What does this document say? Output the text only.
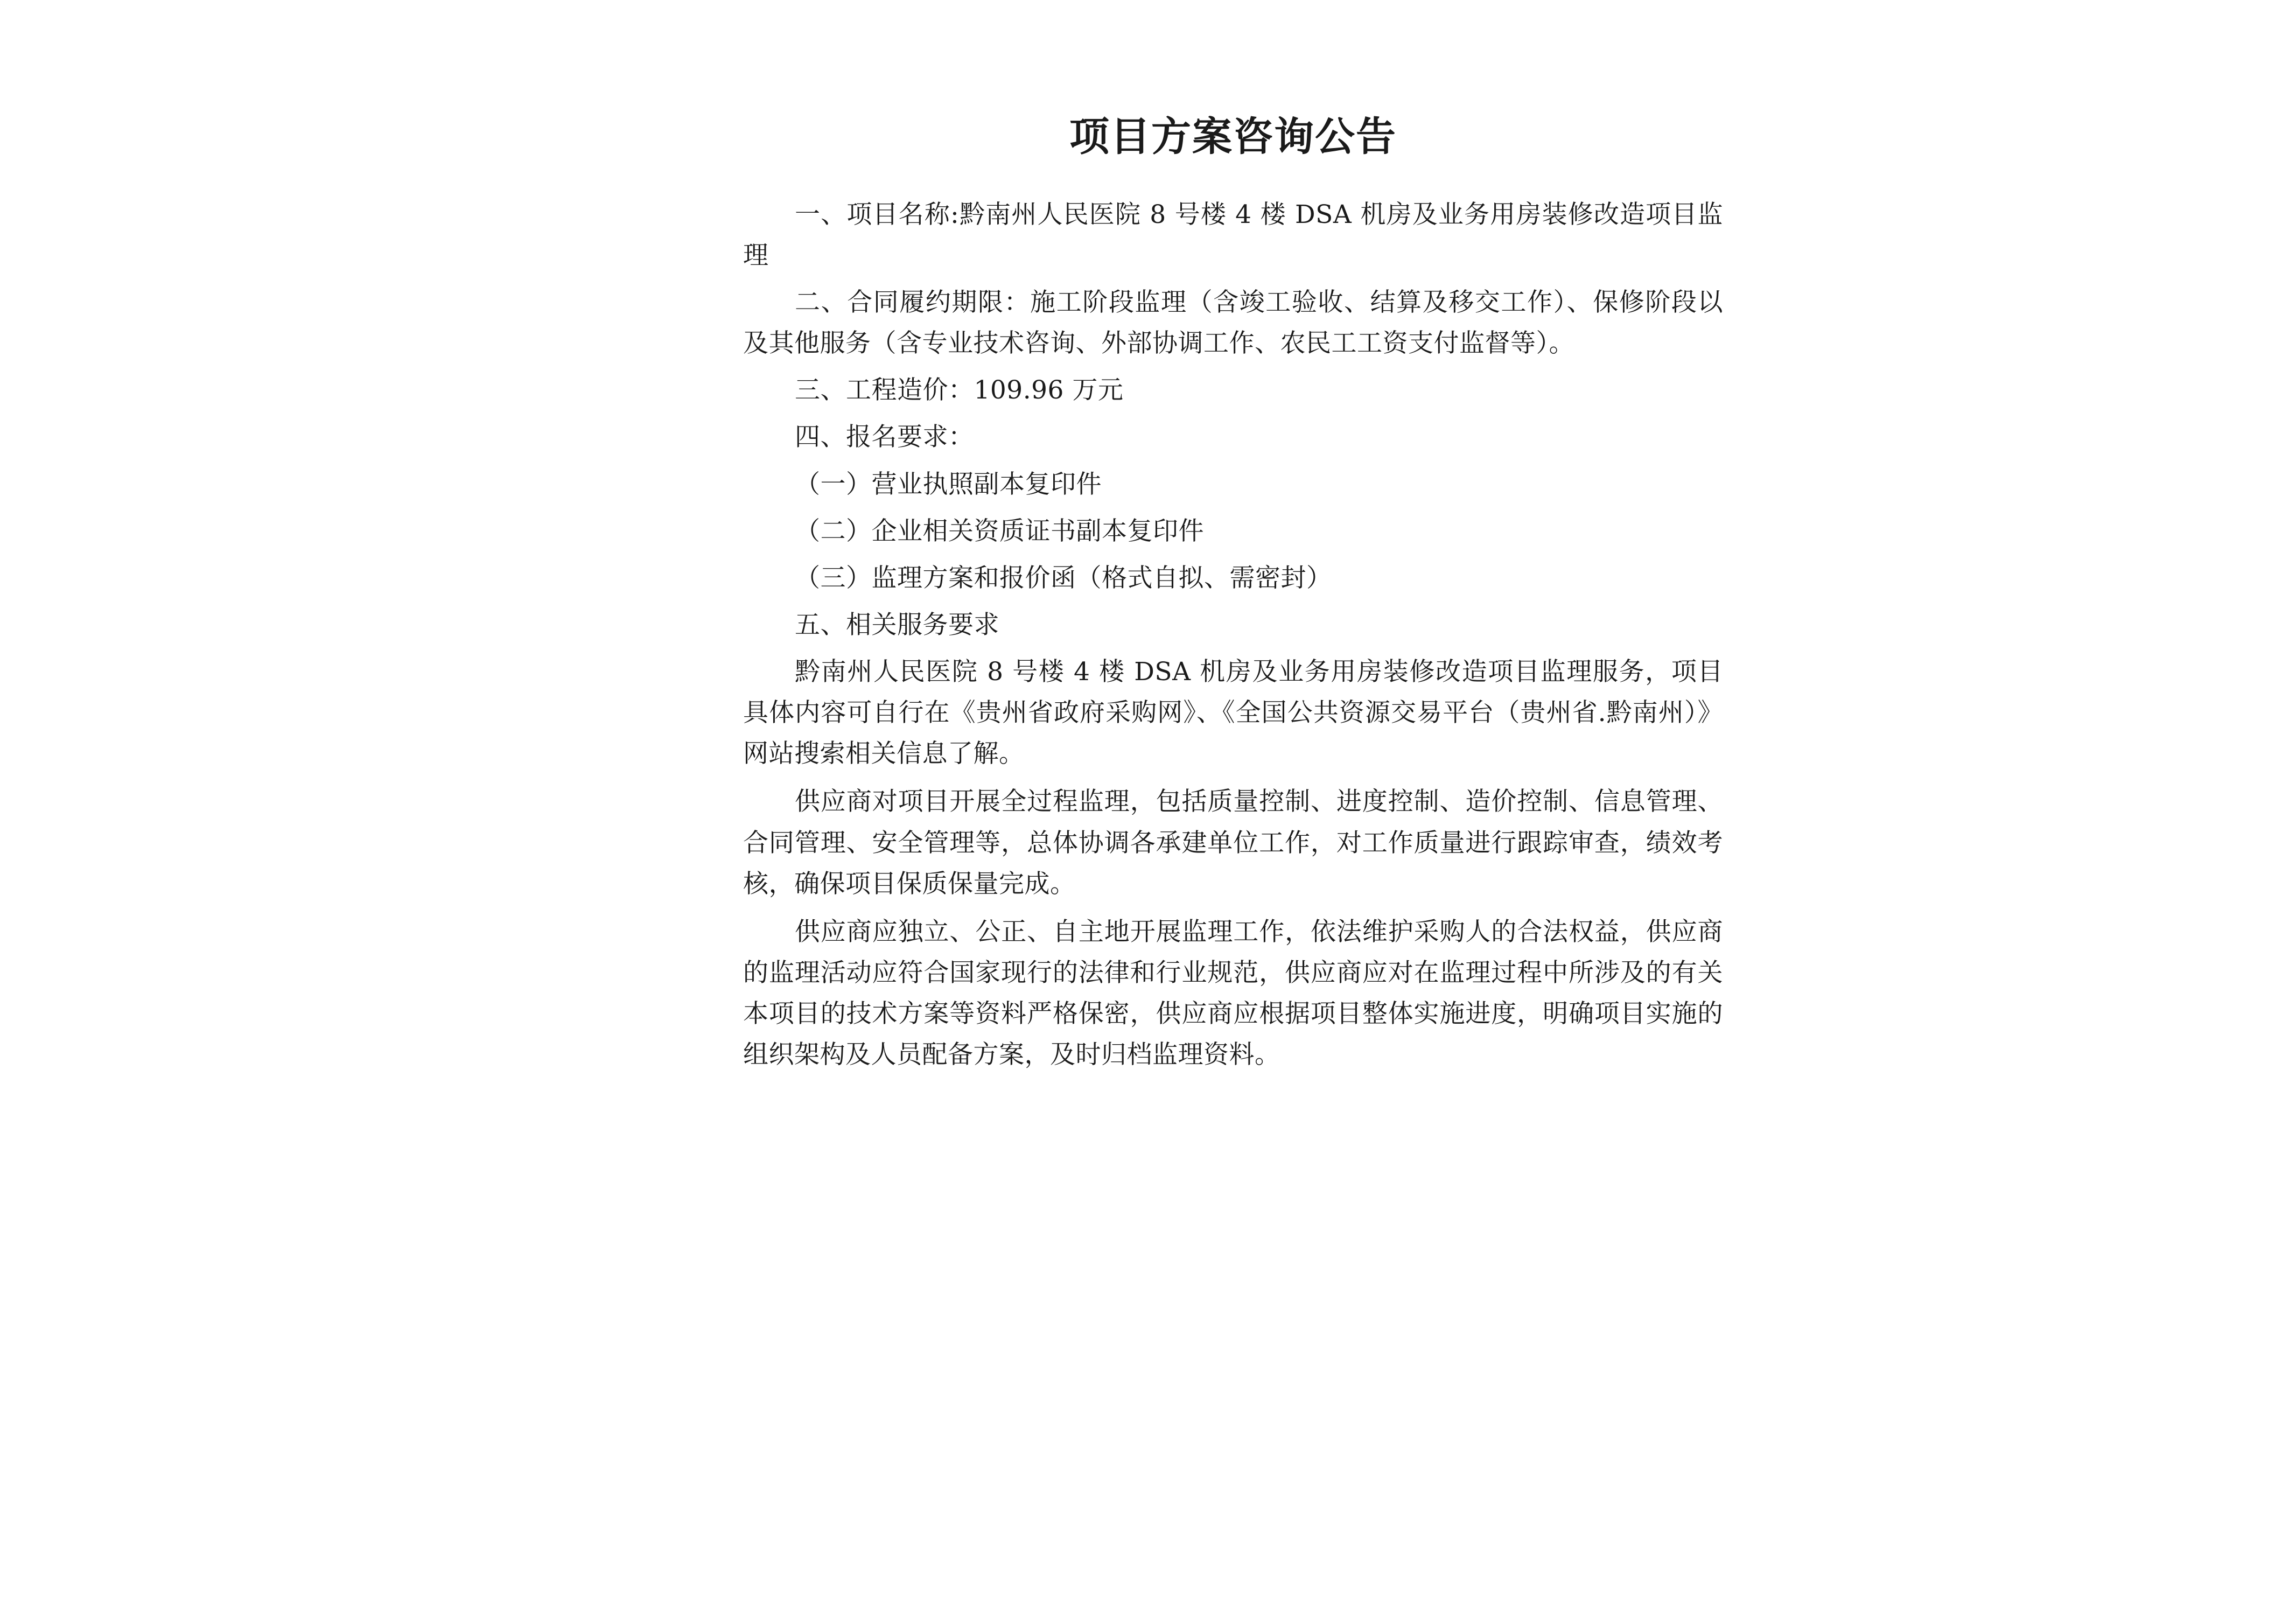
项目方案咨询公告

一、项目名称:黔南州人民医院 8 号楼 4 楼 DSA 机房及业务用房装修改造项目监理

二、合同履约期限：施工阶段监理（含竣工验收、结算及移交工作）、保修阶段以及其他服务（含专业技术咨询、外部协调工作、农民工工资支付监督等）。

三、工程造价：109.96 万元

四、报名要求：

（一）营业执照副本复印件

（二）企业相关资质证书副本复印件

（三）监理方案和报价函（格式自拟、需密封）

五、相关服务要求

黔南州人民医院 8 号楼 4 楼 DSA 机房及业务用房装修改造项目监理服务，项目具体内容可自行在《贵州省政府采购网》、《全国公共资源交易平台（贵州省.黔南州）》网站搜索相关信息了解。

供应商对项目开展全过程监理，包括质量控制、进度控制、造价控制、信息管理、合同管理、安全管理等，总体协调各承建单位工作，对工作质量进行跟踪审查，绩效考核，确保项目保质保量完成。

供应商应独立、公正、自主地开展监理工作，依法维护采购人的合法权益，供应商的监理活动应符合国家现行的法律和行业规范，供应商应对在监理过程中所涉及的有关本项目的技术方案等资料严格保密，供应商应根据项目整体实施进度，明确项目实施的组织架构及人员配备方案，及时归档监理资料。
